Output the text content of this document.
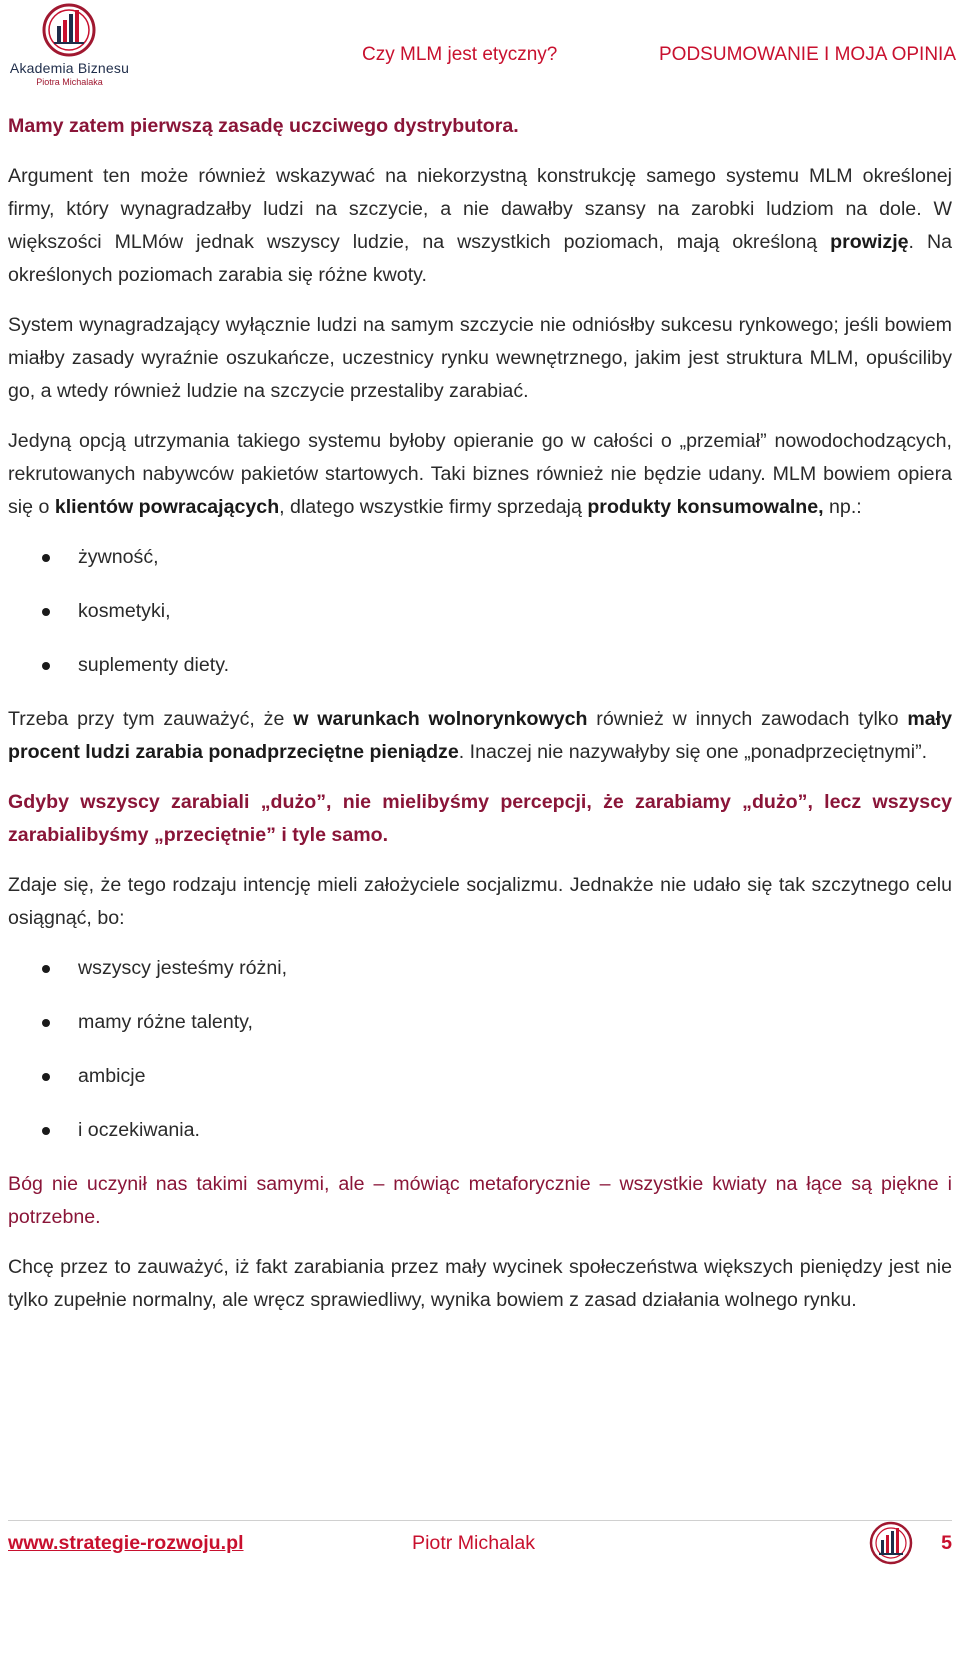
Akademia Biznesu
Piotra Michalaka
Czy MLM jest etyczny?	PODSUMOWANIE I MOJA OPINIA

Mamy zatem pierwszą zasadę uczciwego dystrybutora.

Argument ten może również wskazywać na niekorzystną konstrukcję samego systemu MLM określonej firmy, który wynagradzałby ludzi na szczycie, a nie dawałby szansy na zarobki ludziom na dole. W większości MLMów jednak wszyscy ludzie, na wszystkich poziomach, mają określoną prowizję. Na określonych poziomach zarabia się różne kwoty.

System wynagradzający wyłącznie ludzi na samym szczycie nie odniósłby sukcesu rynkowego; jeśli bowiem miałby zasady wyraźnie oszukańcze, uczestnicy rynku wewnętrznego, jakim jest struktura MLM, opuściliby go, a wtedy również ludzie na szczycie przestaliby zarabiać.

Jedyną opcją utrzymania takiego systemu byłoby opieranie go w całości o „przemiał” nowodochodzących, rekrutowanych nabywców pakietów startowych. Taki biznes również nie będzie udany. MLM bowiem opiera się o klientów powracających, dlatego wszystkie firmy sprzedają produkty konsumowalne, np.:

żywność,
kosmetyki,
suplementy diety.

Trzeba przy tym zauważyć, że w warunkach wolnorynkowych również w innych zawodach tylko mały procent ludzi zarabia ponadprzeciętne pieniądze. Inaczej nie nazywałyby się one „ponadprzeciętnymi”.

Gdyby wszyscy zarabiali „dużo”, nie mielibyśmy percepcji, że zarabiamy „dużo”, lecz wszyscy zarabialibyśmy „przeciętnie” i tyle samo.

Zdaje się, że tego rodzaju intencję mieli założyciele socjalizmu. Jednakże nie udało się tak szczytnego celu osiągnąć, bo:

wszyscy jesteśmy różni,
mamy różne talenty,
ambicje
i oczekiwania.

Bóg nie uczynił nas takimi samymi, ale – mówiąc metaforycznie – wszystkie kwiaty na łące są piękne i potrzebne.

Chcę przez to zauważyć, iż fakt zarabiania przez mały wycinek społeczeństwa większych pieniędzy jest nie tylko zupełnie normalny, ale wręcz sprawiedliwy, wynika bowiem z zasad działania wolnego rynku.

www.strategie-rozwoju.pl	Piotr Michalak	5
